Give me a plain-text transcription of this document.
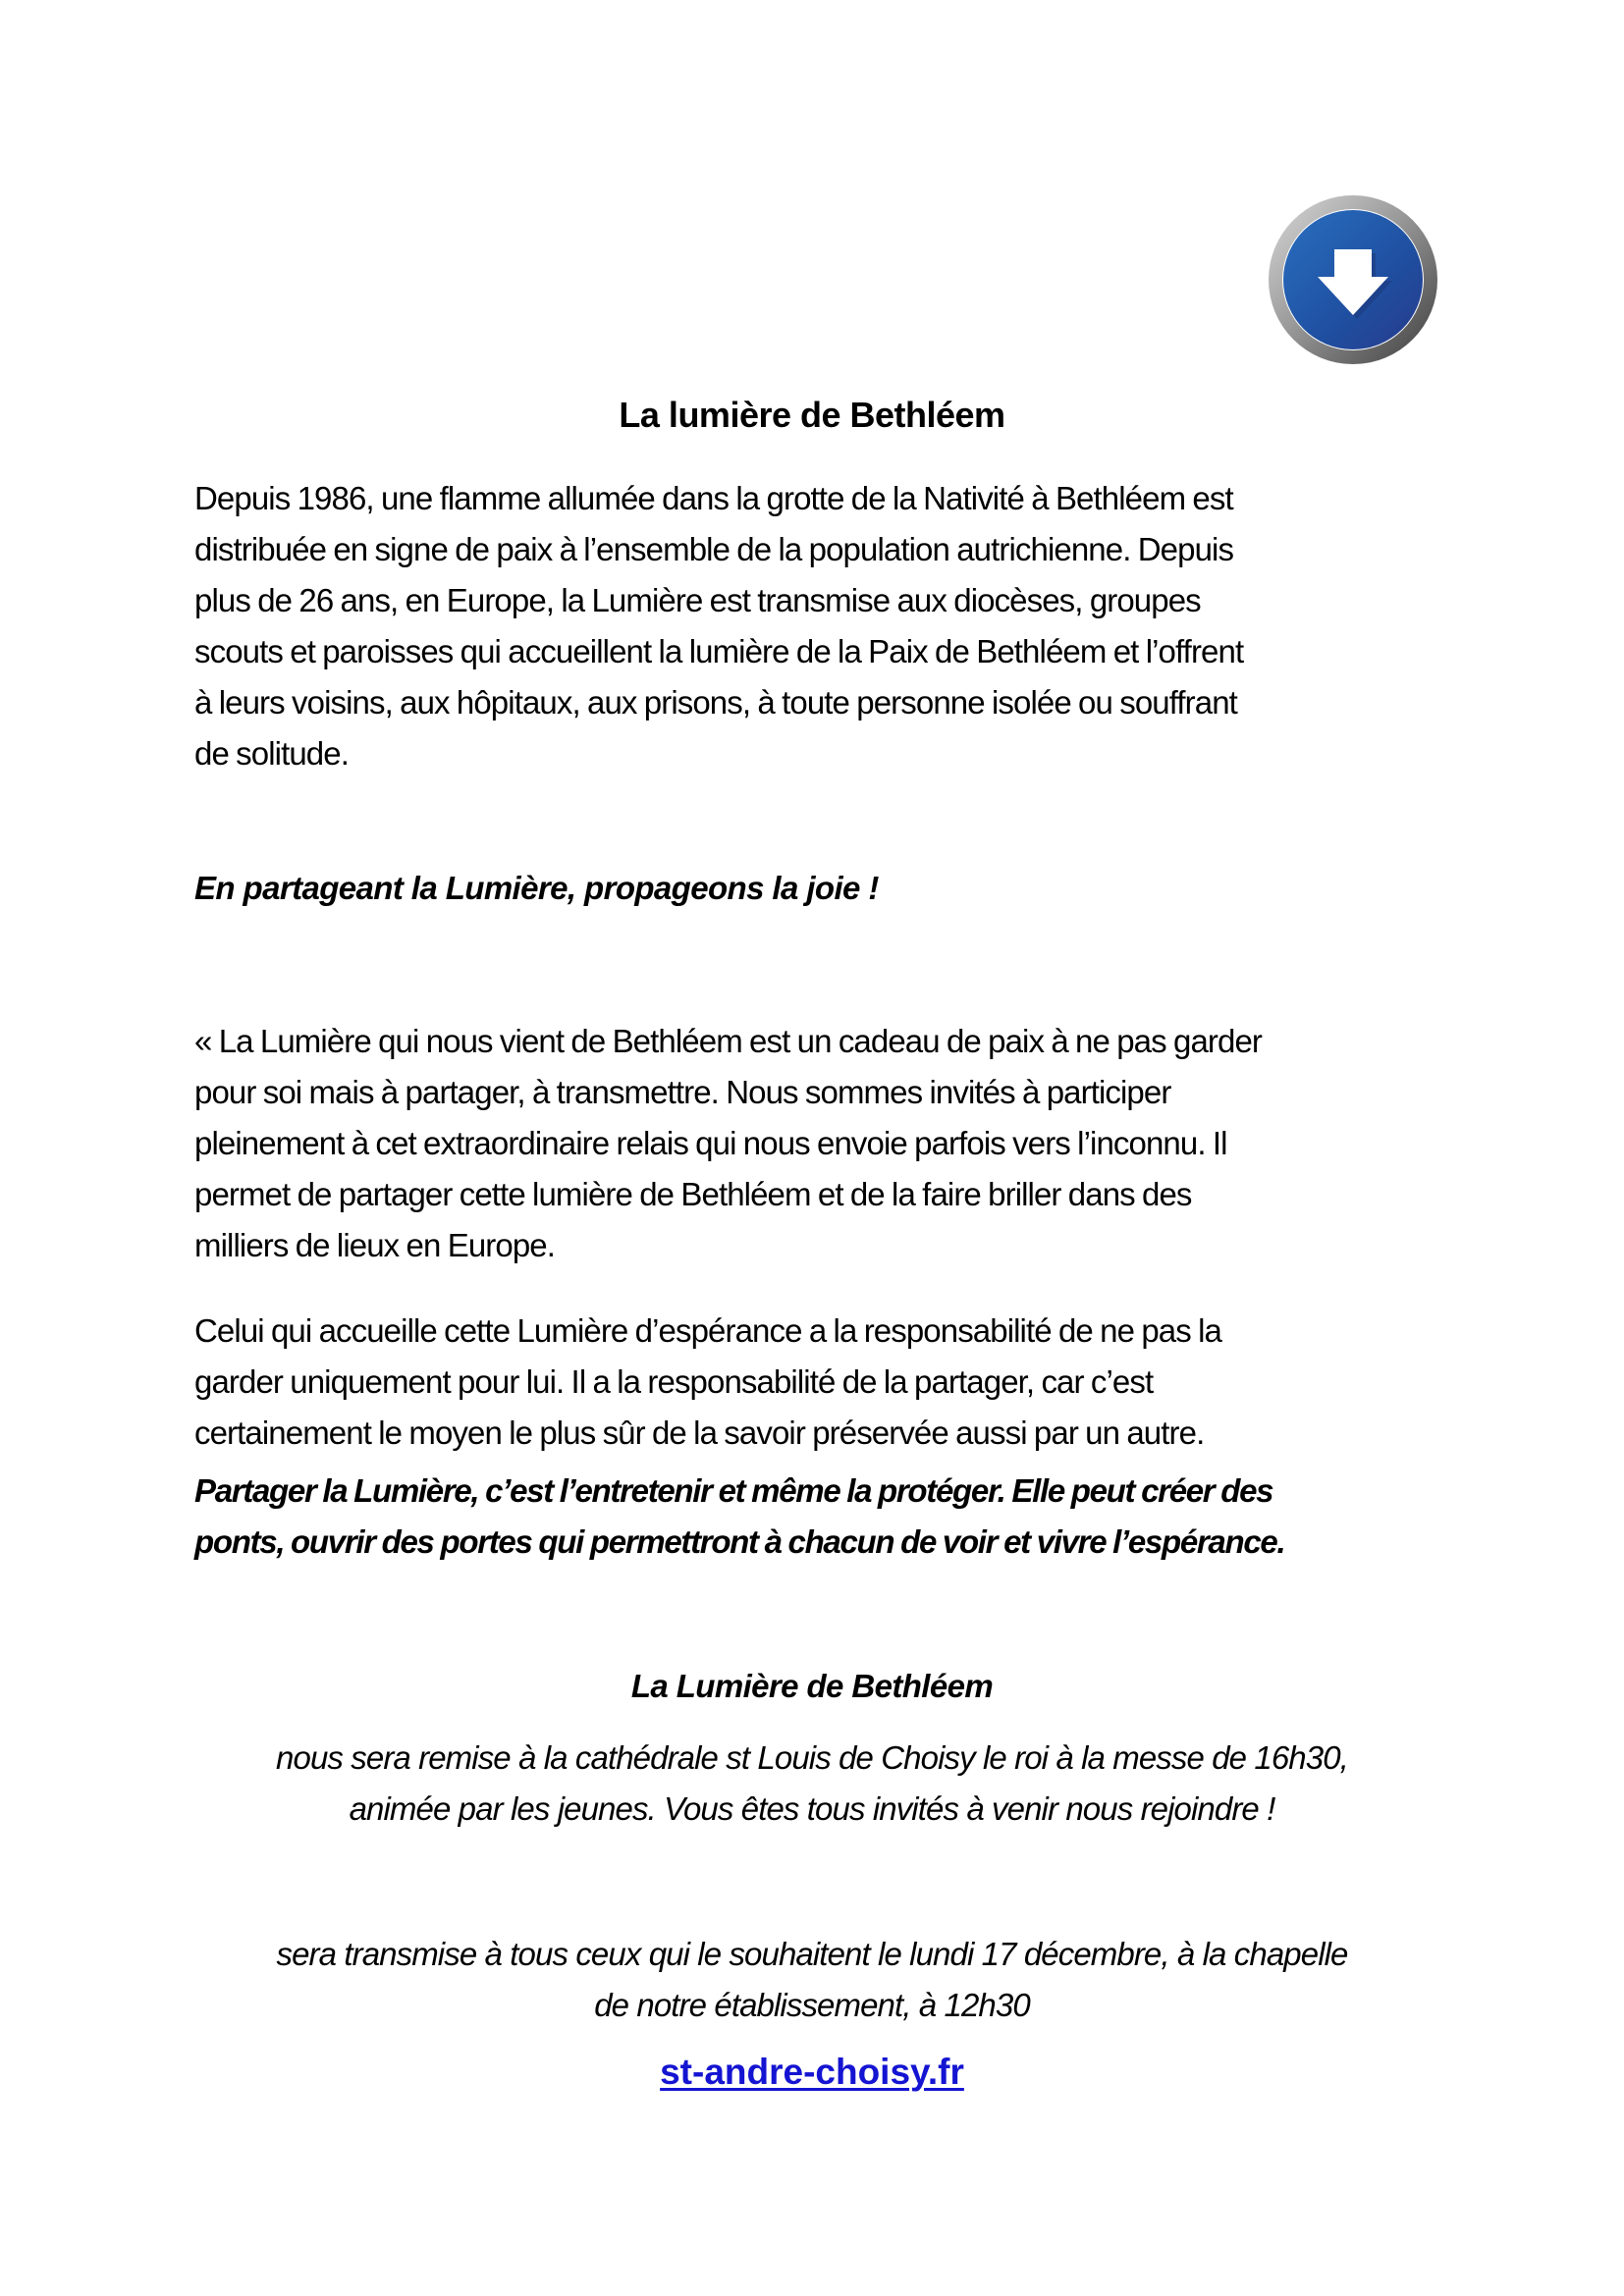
La lumière de Bethléem
Depuis 1986, une flamme allumée dans la grotte de la Nativité à Bethléem est
distribuée en signe de paix à l’ensemble de la population autrichienne. Depuis
plus de 26 ans, en Europe, la Lumière est transmise aux diocèses, groupes
scouts et paroisses qui accueillent la lumière de la Paix de Bethléem et l’offrent
à leurs voisins, aux hôpitaux, aux prisons, à toute personne isolée ou souffrant
de solitude.
En partageant la Lumière, propageons la joie !
« La Lumière qui nous vient de Bethléem est un cadeau de paix à ne pas garder
pour soi mais à partager, à transmettre. Nous sommes invités à participer
pleinement à cet extraordinaire relais qui nous envoie parfois vers l’inconnu. Il
permet de partager cette lumière de Bethléem et de la faire briller dans des
milliers de lieux en Europe.
Celui qui accueille cette Lumière d’espérance a la responsabilité de ne pas la
garder uniquement pour lui. Il a la responsabilité de la partager, car c’est
certainement le moyen le plus sûr de la savoir préservée aussi par un autre.
Partager la Lumière, c’est l’entretenir et même la protéger. Elle peut créer des
ponts, ouvrir des portes qui permettront à chacun de voir et vivre l’espérance.
La Lumière de Bethléem
nous sera remise à la cathédrale st Louis de Choisy le roi à la messe de 16h30,
animée par les jeunes. Vous êtes tous invités à venir nous rejoindre !
sera transmise à tous ceux qui le souhaitent le lundi 17 décembre, à la chapelle
de notre établissement, à 12h30
st-andre-choisy.fr
